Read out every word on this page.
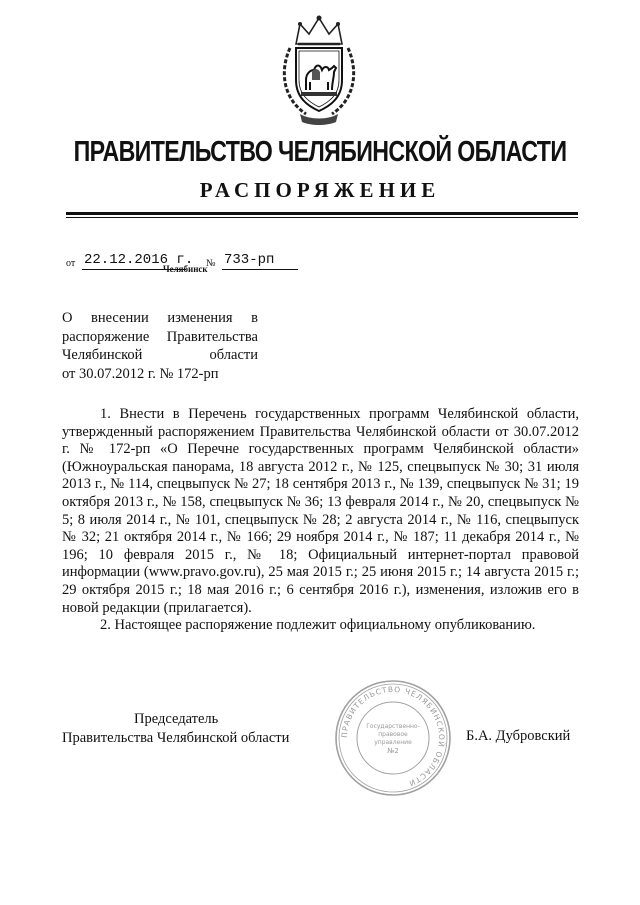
ПРАВИТЕЛЬСТВО ЧЕЛЯБИНСКОЙ ОБЛАСТИ
РАСПОРЯЖЕНИЕ
от 22.12.2016 г. № 733-рп
Челябинск
О внесении изменения в
распоряжение Правительства
Челябинской области
от 30.07.2012 г. № 172-рп

1. Внести в Перечень государственных программ Челябинской области, утвержденный распоряжением Правительства Челябинской области от 30.07.2012 г. № 172-рп «О Перечне государственных программ Челябинской области» (Южноуральская панорама, 18 августа 2012 г., № 125, спецвыпуск № 30; 31 июля 2013 г., № 114, спецвыпуск № 27; 18 сентября 2013 г., № 139, спецвыпуск № 31; 19 октября 2013 г., № 158, спецвыпуск № 36; 13 февраля 2014 г., № 20, спецвыпуск № 5; 8 июля 2014 г., № 101, спецвыпуск № 28; 2 августа 2014 г., № 116, спецвыпуск № 32; 21 октября 2014 г., № 166; 29 ноября 2014 г., № 187; 11 декабря 2014 г., № 196; 10 февраля 2015 г., № 18; Официальный интернет-портал правовой информации (www.pravo.gov.ru), 25 мая 2015 г.; 25 июня 2015 г.; 14 августа 2015 г.; 29 октября 2015 г.; 18 мая 2016 г.; 6 сентября 2016 г.), изменения, изложив его в новой редакции (прилагается).

2. Настоящее распоряжение подлежит официальному опубликованию.

Председатель
Правительства Челябинской области	Б.А. Дубровский
ПРАВИТЕЛЬСТВО ЧЕЛЯБИНСКОЙ ОБЛАСТИ
Государственно-
правовое
управление
№2
